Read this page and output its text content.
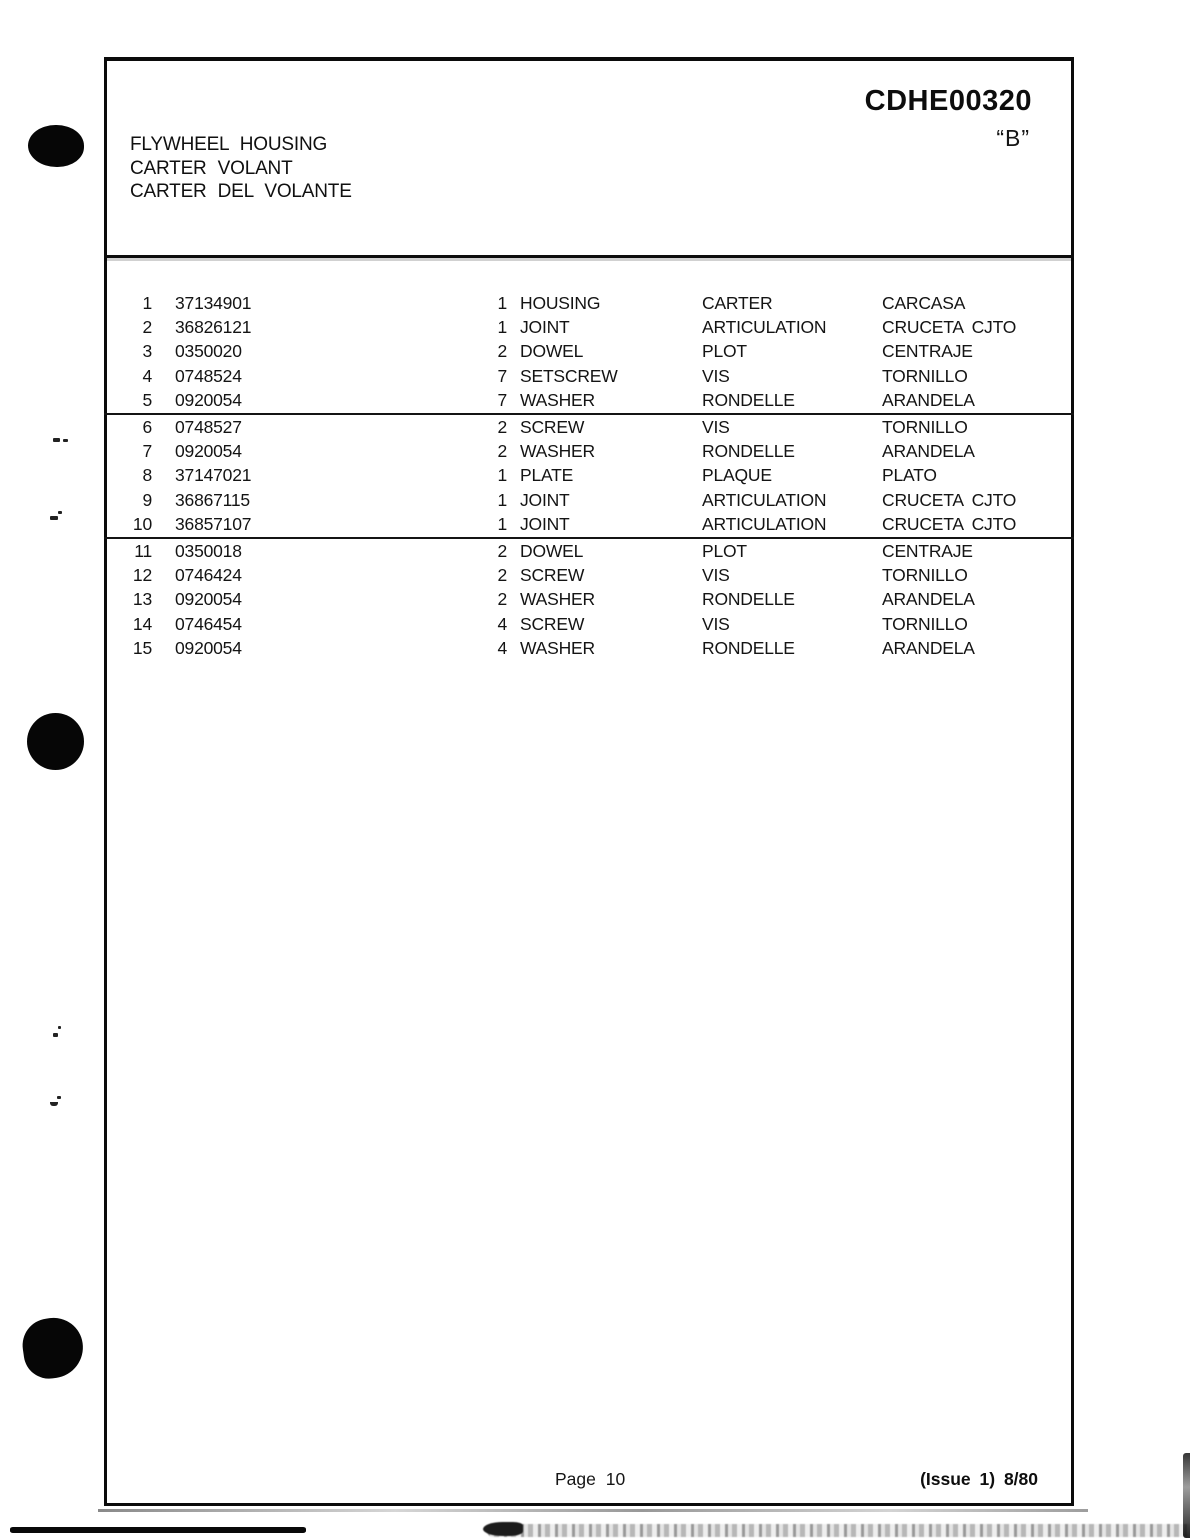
CDHE00320
“B”
FLYWHEEL HOUSING
CARTER VOLANT
CARTER DEL VOLANTE
1	37134901	1 HOUSING	CARTER	CARCASA
2	36826121	1 JOINT	ARTICULATION	CRUCETA CJTO
3	0350020	2 DOWEL	PLOT	CENTRAJE
4	0748524	7 SETSCREW	VIS	TORNILLO
5	0920054	7 WASHER	RONDELLE	ARANDELA
6	0748527	2 SCREW	VIS	TORNILLO
7	0920054	2 WASHER	RONDELLE	ARANDELA
8	37147021	1 PLATE	PLAQUE	PLATO
9	36867115	1 JOINT	ARTICULATION	CRUCETA CJTO
10	36857107	1 JOINT	ARTICULATION	CRUCETA CJTO
11	0350018	2 DOWEL	PLOT	CENTRAJE
12	0746424	2 SCREW	VIS	TORNILLO
13	0920054	2 WASHER	RONDELLE	ARANDELA
14	0746454	4 SCREW	VIS	TORNILLO
15	0920054	4 WASHER	RONDELLE	ARANDELA
Page 10	(Issue 1) 8/80
